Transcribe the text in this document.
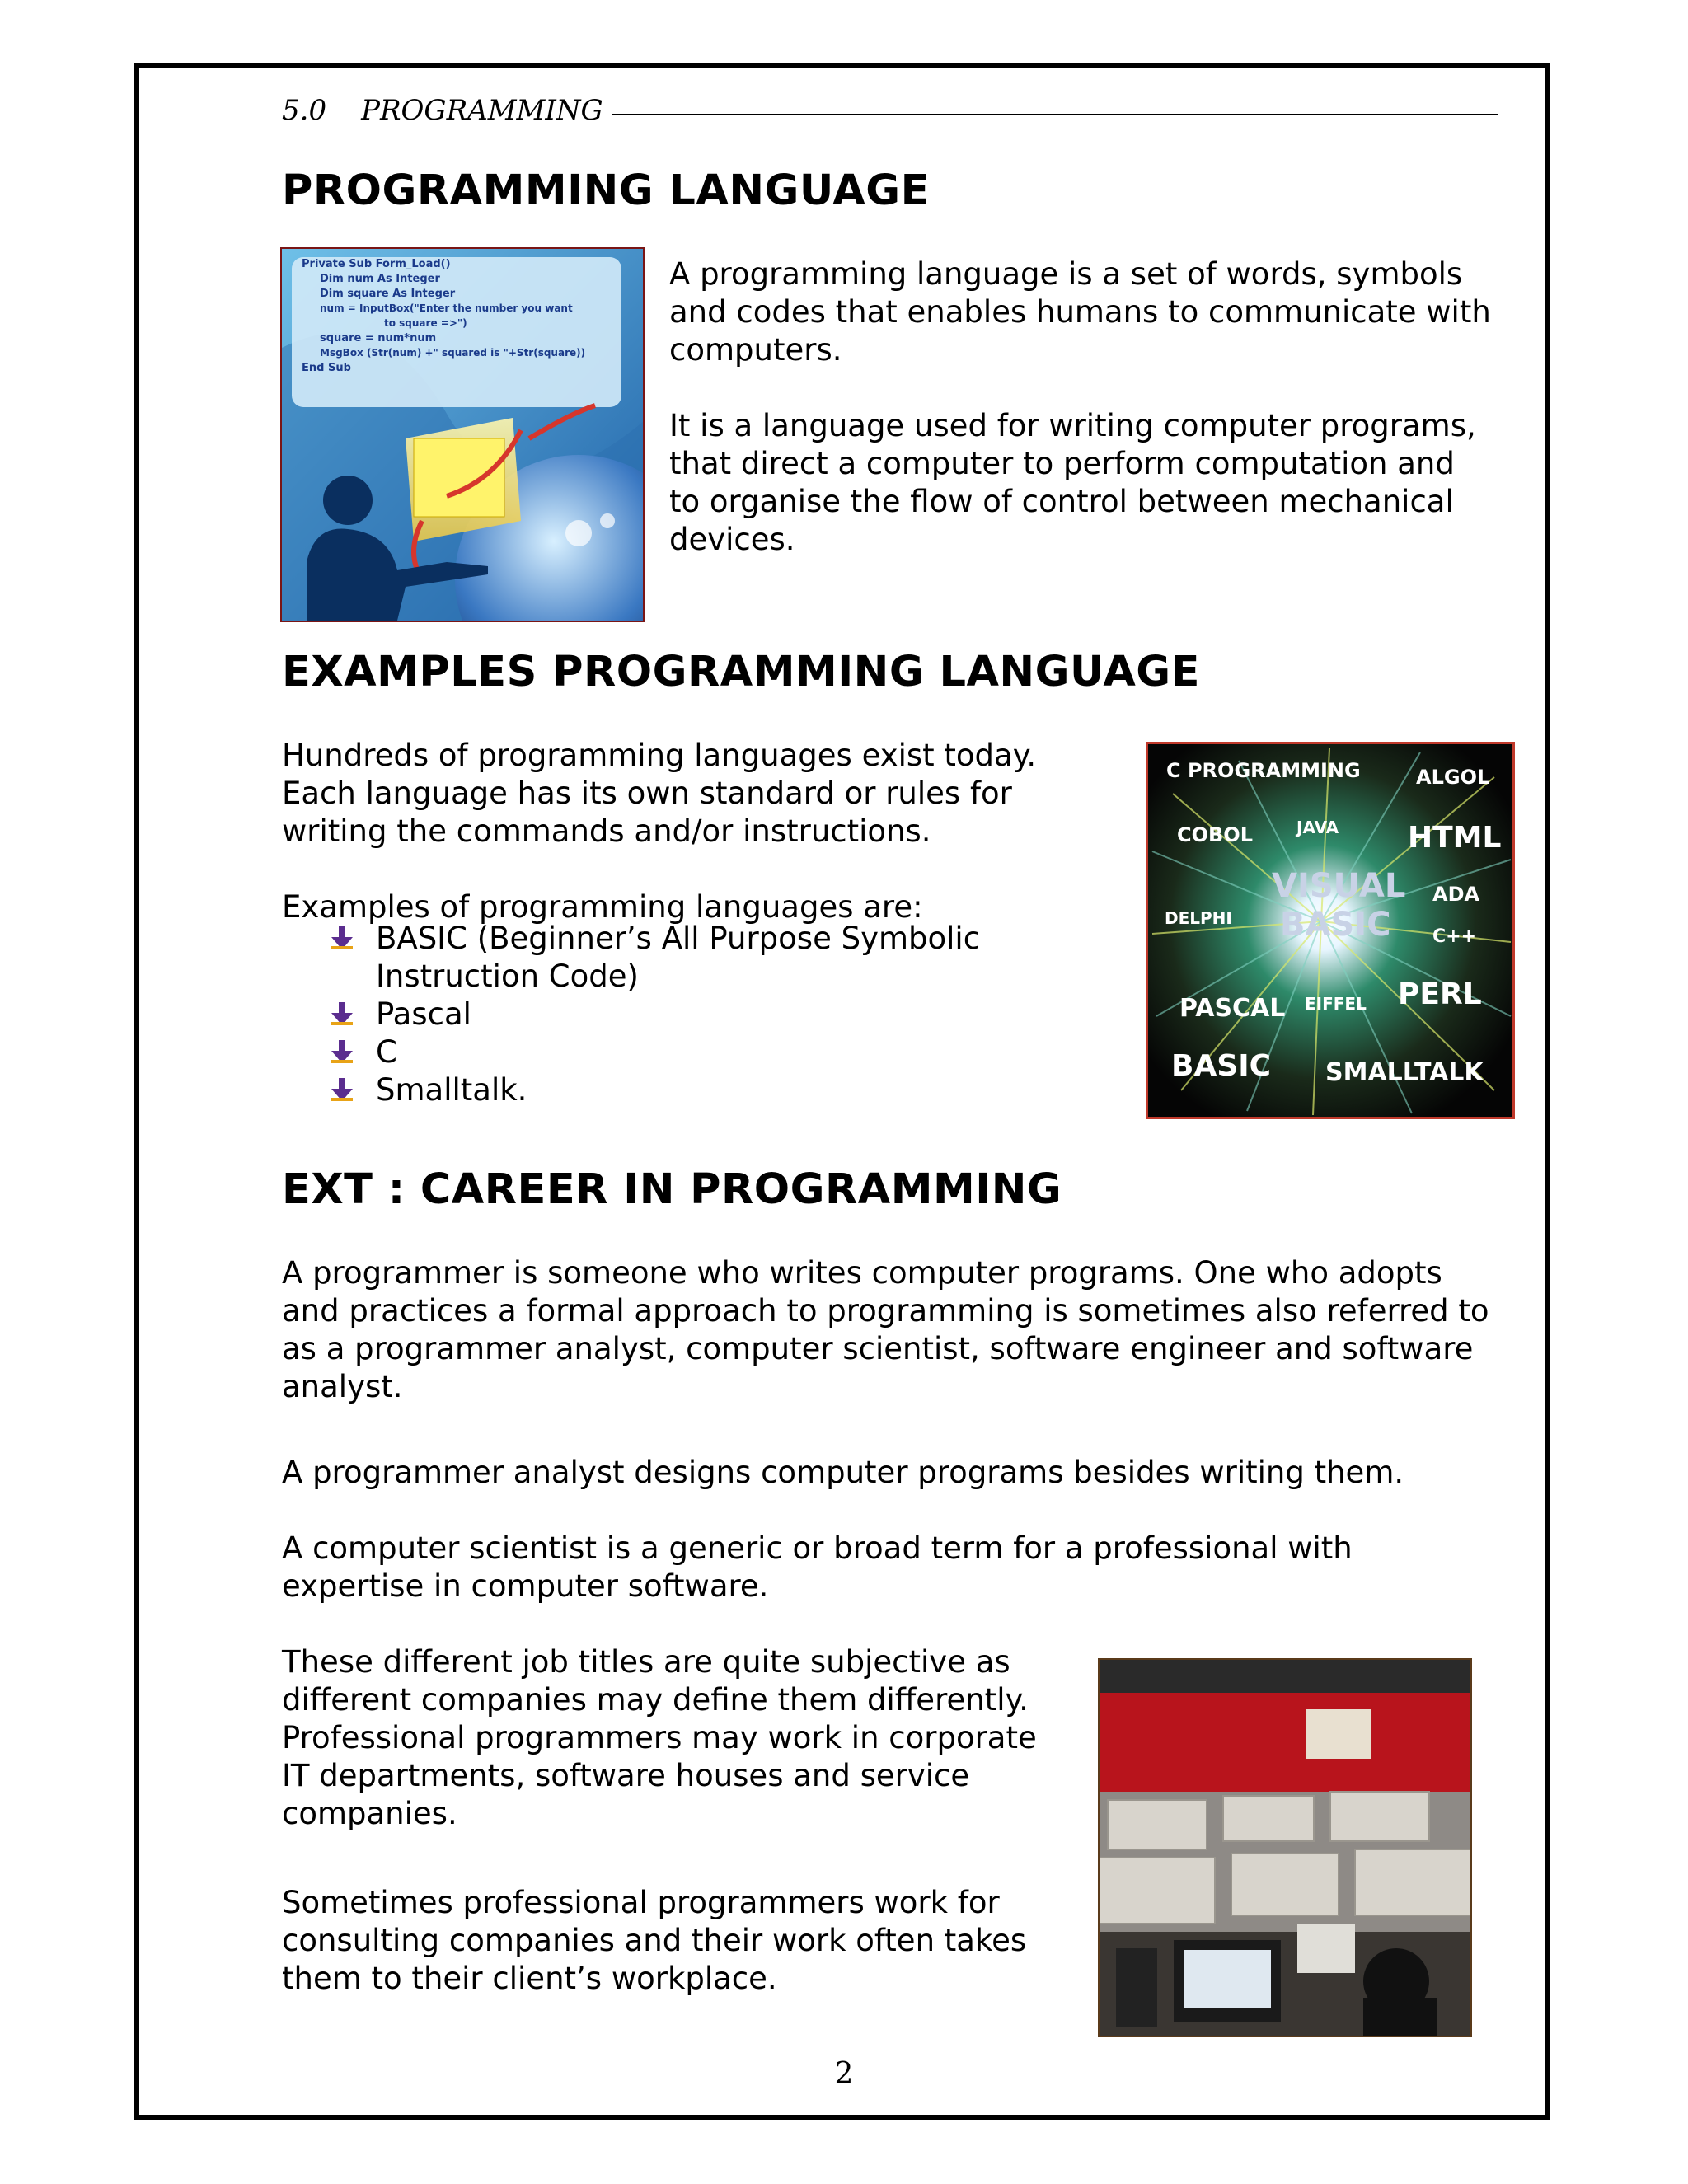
5.0 PROGRAMMING
PROGRAMMING LANGUAGE
Private Sub Form_Load()
Dim num As Integer
Dim square As Integer
num = InputBox("Enter the number you want
to square =>")
square = num*num
MsgBox (Str(num) +" squared is "+Str(square))
End Sub

A programming language is a set of words, symbols and codes that enables humans to communicate with computers.

It is a language used for writing computer programs, that direct a computer to perform computation and to organise the flow of control between mechanical devices.

EXAMPLES PROGRAMMING LANGUAGE

Hundreds of programming languages exist today. Each language has its own standard or rules for writing the commands and/or instructions.

Examples of programming languages are:

BASIC (Beginner’s All Purpose Symbolic Instruction Code)
Pascal
C
Smalltalk.
C PROGRAMMING	ALGOL
COBOL	JAVA HTML
VISUAL
BASIC
ADA
DELPHI
C++
PASCAL EIFFEL PERL
BASIC SMALLTALK
EXT : CAREER IN PROGRAMMING

A programmer is someone who writes computer programs. One who adopts and practices a formal approach to programming is sometimes also referred to as a programmer analyst, computer scientist, software engineer and software analyst.

A programmer analyst designs computer programs besides writing them.

A computer scientist is a generic or broad term for a professional with expertise in computer software.

These different job titles are quite subjective as different companies may define them differently. Professional programmers may work in corporate IT departments, software houses and service companies.

Sometimes professional programmers work for consulting companies and their work often takes them to their client’s workplace.

2
